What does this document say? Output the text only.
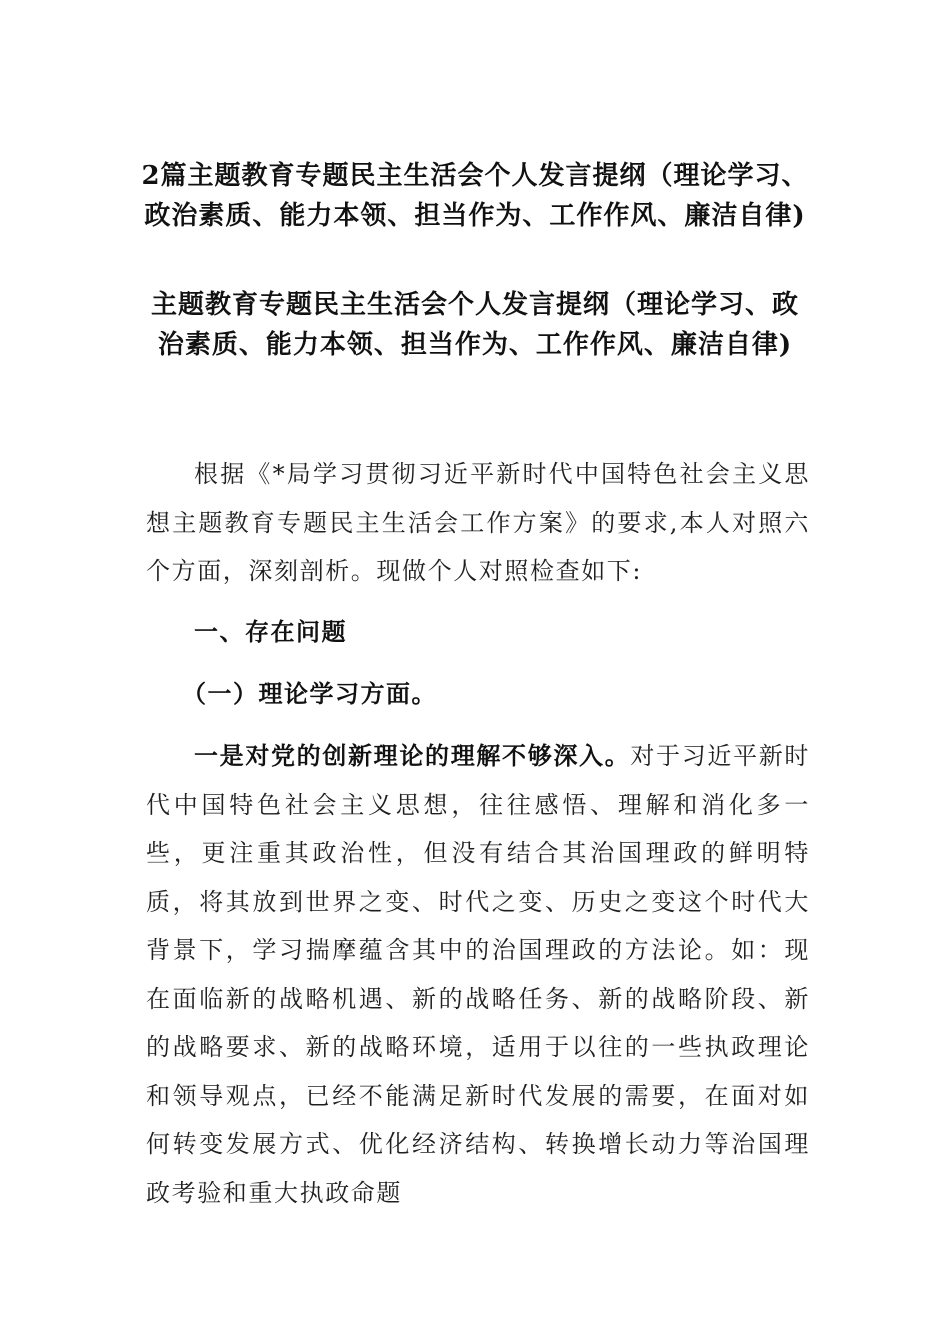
2篇主题教育专题民主生活会个人发言提纲（理论学习、政治素质、能力本领、担当作为、工作作风、廉洁自律)
主题教育专题民主生活会个人发言提纲（理论学习、政治素质、能力本领、担当作为、工作作风、廉洁自律)
根据《*局学习贯彻习近平新时代中国特色社会主义思想主题教育专题民主生活会工作方案》的要求,本人对照六个方面，深刻剖析。现做个人对照检查如下:
一、存在问题
（一）理论学习方面。
一是对党的创新理论的理解不够深入。对于习近平新时代中国特色社会主义思想，往往感悟、理解和消化多一些，更注重其政治性，但没有结合其治国理政的鲜明特质，将其放到世界之变、时代之变、历史之变这个时代大背景下，学习揣摩蕴含其中的治国理政的方法论。如：现在面临新的战略机遇、新的战略任务、新的战略阶段、新的战略要求、新的战略环境，适用于以往的一些执政理论和领导观点，已经不能满足新时代发展的需要，在面对如何转变发展方式、优化经济结构、转换增长动力等治国理政考验和重大执政命题
